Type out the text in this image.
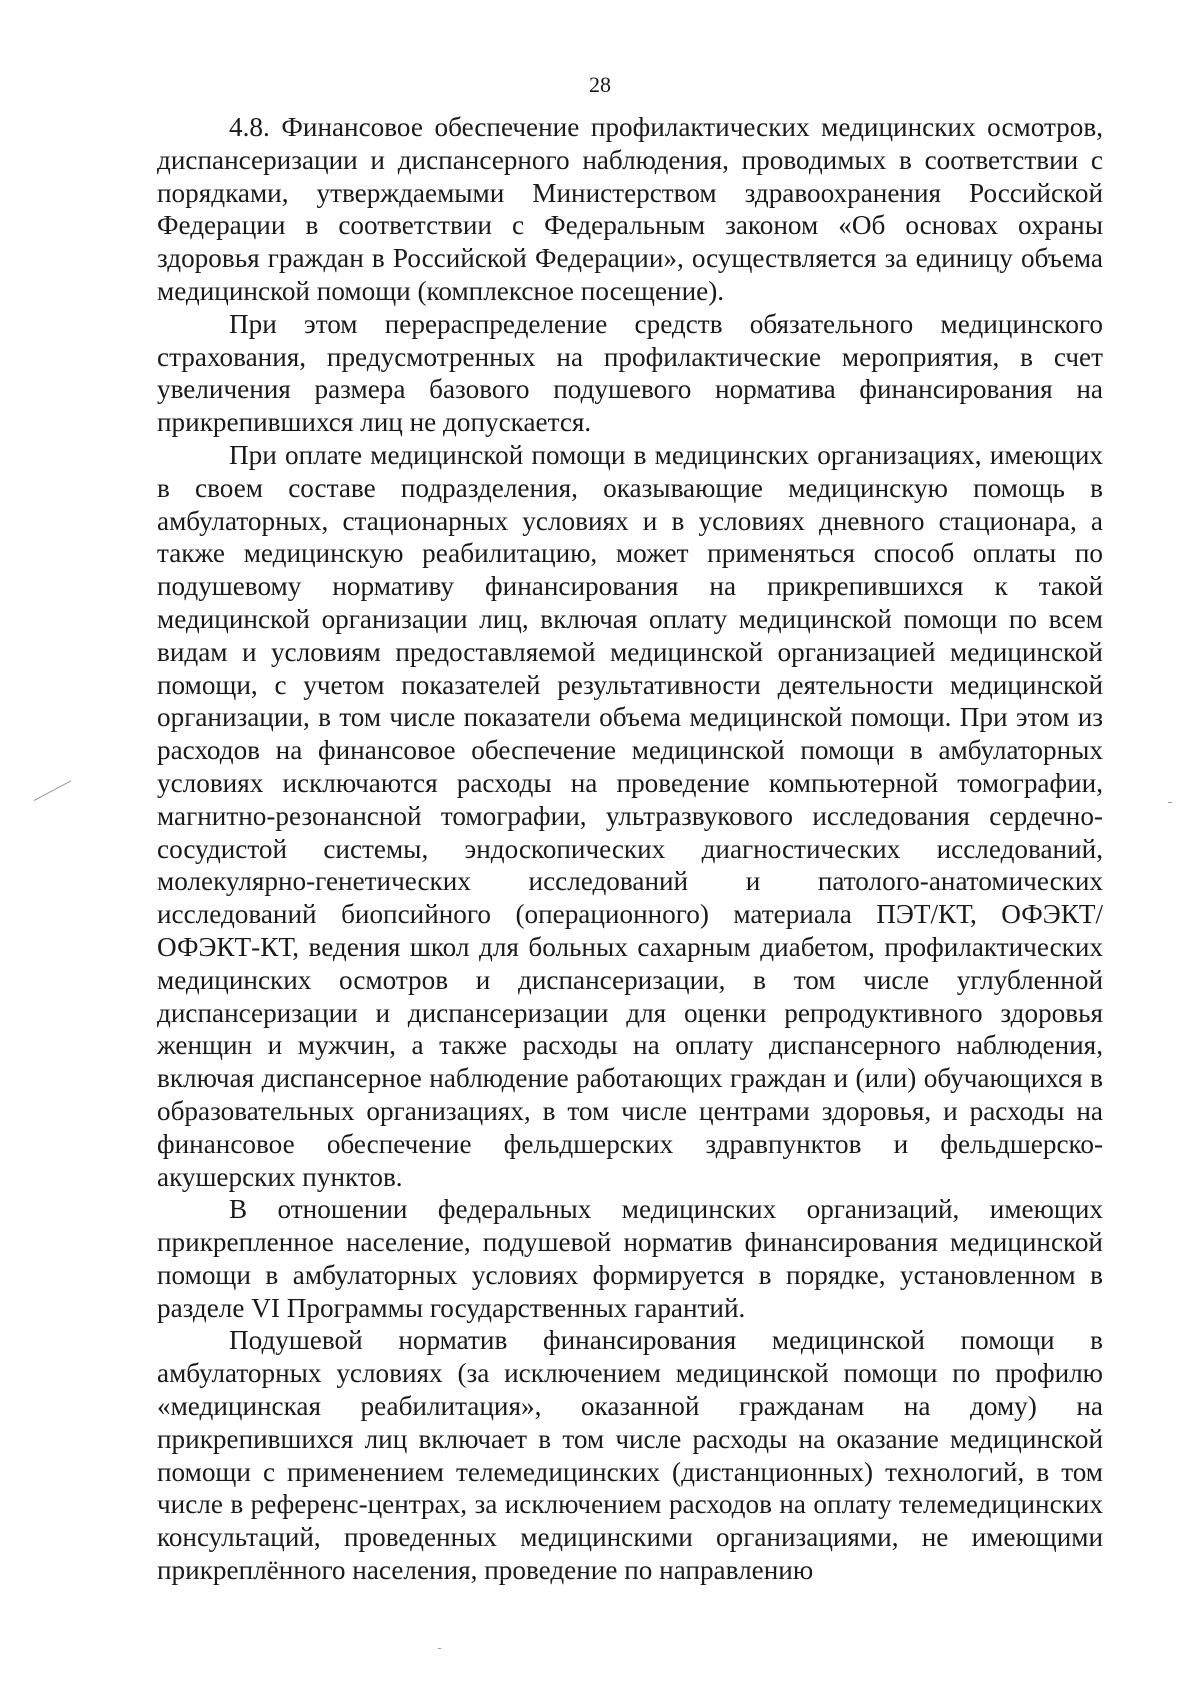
28

4.8. Финансовое обеспечение профилактических медицинских осмотров, диспансеризации и диспансерного наблюдения, проводимых в соответствии с порядками, утверждаемыми Министерством здравоохранения Российской Федерации в соответствии с Федеральным законом «Об основах охраны здоровья граждан в Российской Федерации», осуществляется за единицу объема медицинской помощи (комплексное посещение).

При этом перераспределение средств обязательного медицинского страхования, предусмотренных на профилактические мероприятия, в счет увеличения размера базового подушевого норматива финансирования на прикрепившихся лиц не допускается.

При оплате медицинской помощи в медицинских организациях, имеющих в своем составе подразделения, оказывающие медицинскую помощь в амбулаторных, стационарных условиях и в условиях дневного стационара, а также медицинскую реабилитацию, может применяться способ оплаты по подушевому нормативу финансирования на прикрепившихся к такой медицинской организации лиц, включая оплату медицинской помощи по всем видам и условиям предоставляемой медицинской организацией медицинской помощи, с учетом показателей результативности деятельности медицинской организации, в том числе показатели объема медицинской помощи. При этом из расходов на финансовое обеспечение медицинской помощи в амбулаторных условиях исключаются расходы на проведение компьютерной томографии, магнитно-резонансной томографии, ультразвукового исследования сердечно-сосудистой системы, эндоскопических диагностических исследований, молекулярно-генетических исследований и патолого-анатомических исследований биопсийного (операционного) материала ПЭТ/КТ, ОФЭКТ/ОФЭКТ-КТ, ведения школ для больных сахарным диабетом, профилактических медицинских осмотров и диспансеризации, в том числе углубленной диспансеризации и диспансеризации для оценки репродуктивного здоровья женщин и мужчин, а также расходы на оплату диспансерного наблюдения, включая диспансерное наблюдение работающих граждан и (или) обучающихся в образовательных организациях, в том числе центрами здоровья, и расходы на финансовое обеспечение фельдшерских здравпунктов и фельдшерско-акушерских пунктов.

В отношении федеральных медицинских организаций, имеющих прикрепленное население, подушевой норматив финансирования медицинской помощи в амбулаторных условиях формируется в порядке, установленном в разделе VI Программы государственных гарантий.

Подушевой норматив финансирования медицинской помощи в амбулаторных условиях (за исключением медицинской помощи по профилю «медицинская реабилитация», оказанной гражданам на дому) на прикрепившихся лиц включает в том числе расходы на оказание медицинской помощи с применением телемедицинских (дистанционных) технологий, в том числе в референс-центрах, за исключением расходов на оплату телемедицинских консультаций, проведенных медицинскими организациями, не имеющими прикреплённого населения, проведение по направлению
